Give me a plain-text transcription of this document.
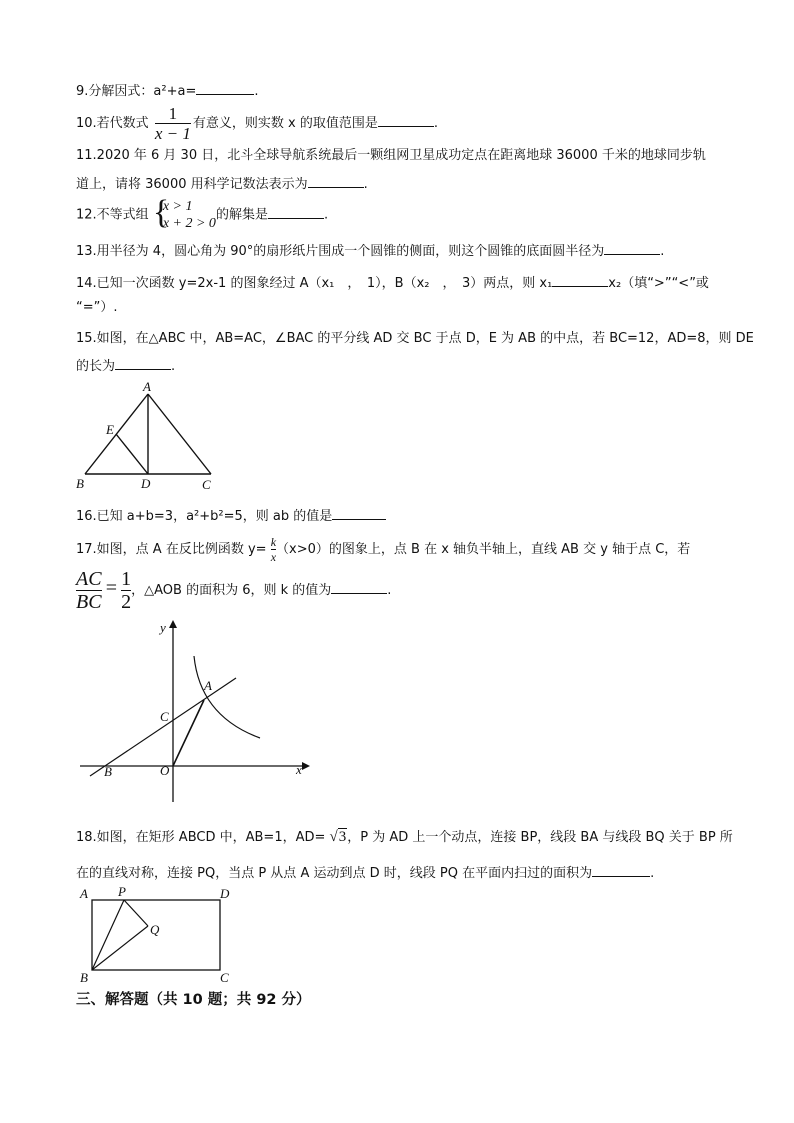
9.分解因式：a²+a=	.
10.若代数式 $\frac{1}{x - 1}$ 有意义，则实数 x 的取值范围是	.
11.2020 年 6 月 30 日，北斗全球导航系统最后一颗组网卫星成功定点在距离地球 36000 千米的地球同步轨
道上，请将 36000 用科学记数法表示为	.
12.不等式组 {
x > 1
x + 2 > 0
的解集是	.
13.用半径为 4，圆心角为 90°的扇形纸片围成一个圆锥的侧面，则这个圆锥的底面圆半径为	.
14.已知一次函数 y=2x-1 的图象经过 A（x₁　，　1），B（x₂　，　3）两点，则 x₁	x₂（填“>”“<”或
“=”）.
15.如图，在△ABC 中，AB=AC，∠BAC 的平分线 AD 交 BC 于点 D，E 为 AB 的中点，若 BC=12，AD=8，则 DE
的长为	.
A
B	C
D
E
16.已知 a+b=3，a²+b²=5，则 ab 的值是
17.如图，点 A 在反比例函数 $y= \frac{k}{x} (x>0)$的图象上，点 B 在 x 轴负半轴上，直线 AB 交 y 轴于点 C，若
$\frac{AC}{BC} = \frac{1}{2}$ ，△AOB 的面积为 6，则 k 的值为	.
y
x
A
B
C
O
18.如图，在矩形 ABCD 中，AB=1，AD= √3，P 为 AD 上一个动点，连接 BP，线段 BA 与线段 BQ 关于 BP 所
在的直线对称，连接 PQ，当点 P 从点 A 运动到点 D 时，线段 PQ 在平面内扫过的面积为	.
A P	D
Q
B	C
三、解答题（共 10 题；共 92 分）
